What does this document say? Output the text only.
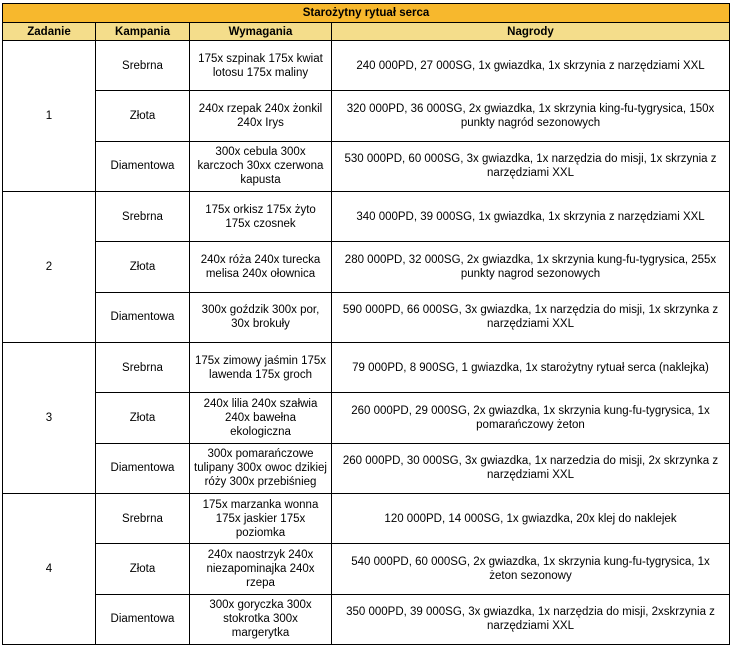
Starożytny rytuał serca			
Zadanie	Kampania	Wymagania	Nagrody
1	Srebrna	175x szpinak 175x kwiat lotosu 175x maliny	240 000PD, 27 000SG, 1x gwiazdka, 1x skrzynia z narzędziami XXL
	Złota	240x rzepak 240x żonkil 240x Irys	320 000PD, 36 000SG, 2x gwiazdka, 1x skrzynia king-fu-tygrysica, 150x punkty nagród sezonowych
	Diamentowa	300x cebula 300x karczoch 30xx czerwona kapusta	530 000PD, 60 000SG, 3x gwiazdka, 1x narzędzia do misji, 1x skrzynia z narzędziami XXL
2	Srebrna	175x orkisz 175x żyto 175x czosnek	340 000PD, 39 000SG, 1x gwiazdka, 1x skrzynia z narzędziami XXL
	Złota	240x róża 240x turecka melisa 240x ołownica	280 000PD, 32 000SG, 2x gwiazdka, 1x skrzynia kung-fu-tygrysica, 255x punkty nagrod sezonowych
	Diamentowa	300x goździk 300x por, 30x brokuły	590 000PD, 66 000SG, 3x gwiazdka, 1x narzędzia do misji, 1x skrzynka z narzędziami XXL
3	Srebrna	175x zimowy jaśmin 175x lawenda 175x groch	79 000PD, 8 900SG, 1 gwiazdka, 1x starożytny rytuał serca (naklejka)
	Złota	240x lilia 240x szałwia 240x bawełna ekologiczna	260 000PD, 29 000SG, 2x gwiazdka, 1x skrzynia kung-fu-tygrysica, 1x pomarańczowy żeton
	Diamentowa	300x pomarańczowe tulipany 300x owoc dzikiej róży 300x przebiśnieg	260 000PD, 30 000SG, 3x gwiazdka, 1x narzedzia do misji, 2x skrzynka z narzędziami XXL
4	Srebrna	175x marzanka wonna 175x jaskier 175x poziomka	120 000PD, 14 000SG, 1x gwiazdka, 20x klej do naklejek
	Złota	240x naostrzyk 240x niezapominajka 240x rzepa	540 000PD, 60 000SG, 2x gwiazdka, 1x skrzynia kung-fu-tygrysica, 1x żeton sezonowy
	Diamentowa	300x goryczka 300x stokrotka 300x margerytka	350 000PD, 39 000SG, 3x gwiazdka, 1x narzędzia do misji, 2xskrzynia z narzędziami XXL
